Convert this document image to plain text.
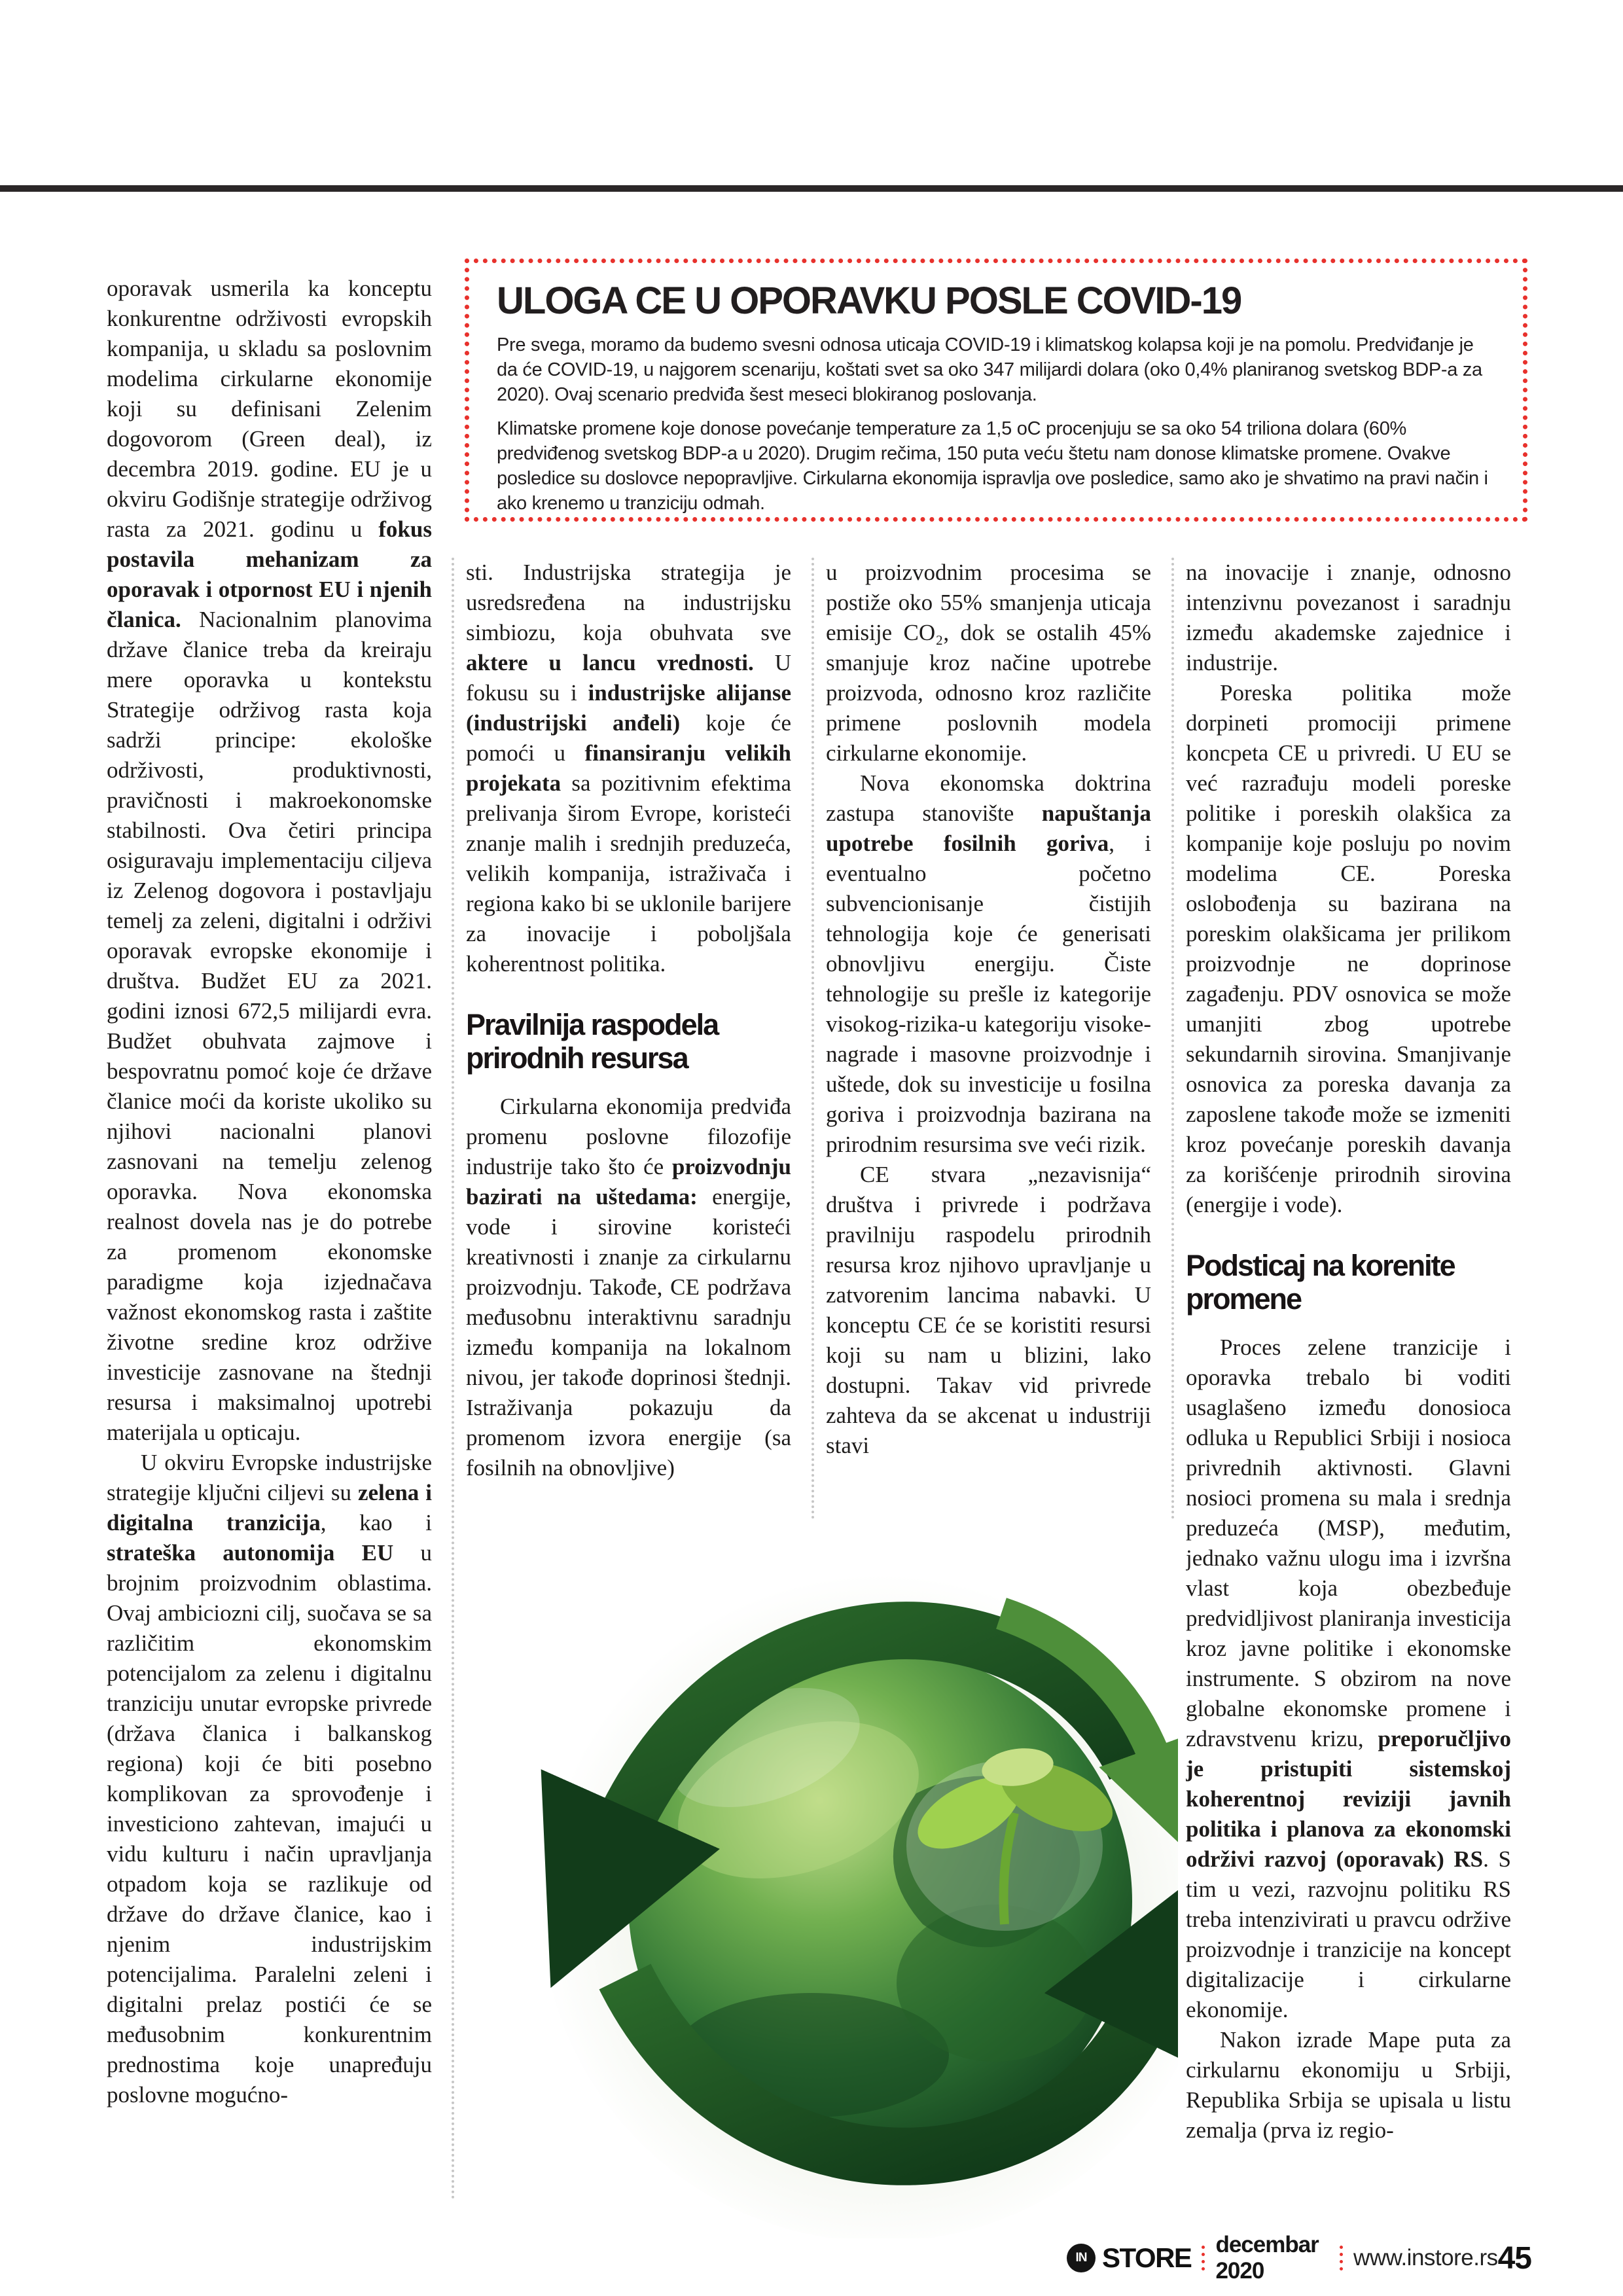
ULOGA CE U OPORAVKU POSLE COVID-19

Pre svega, moramo da budemo svesni odnosa uticaja COVID-19 i klimatskog kolapsa koji je na pomolu. Predviđanje je da će COVID-19, u najgorem scenariju, koštati svet sa oko 347 milijardi dolara (oko 0,4% planiranog svetskog BDP-a za 2020). Ovaj scenario predviđa šest meseci blokiranog poslovanja.

Klimatske promene koje donose povećanje temperature za 1,5 oC procenjuju se sa oko 54 triliona dolara (60% predviđenog svetskog BDP-a u 2020). Drugim rečima, 150 puta veću štetu nam donose klimatske promene. Ovakve posledice su doslovce nepopravljive. Cirkularna ekonomija ispravlja ove posledice, samo ako je shvatimo na pravi način i ako krenemo u tranziciju odmah.

oporavak usmerila ka konceptu konkurentne održivosti evropskih kompanija, u skladu sa poslovnim modelima cirkularne ekonomije koji su definisani Zelenim dogovorom (Green deal), iz decembra 2019. godine. EU je u okviru Godišnje strategije održivog rasta za 2021. godinu u fokus postavila mehanizam za oporavak i otpornost EU i njenih članica. Nacionalnim planovima države članice treba da kreiraju mere oporavka u kontekstu Strategije održivog rasta koja sadrži principe: ekološke održivosti, produktivnosti, pravičnosti i makroekonomske stabilnosti. Ova četiri principa osiguravaju implementaciju ciljeva iz Zelenog dogovora i postavljaju temelj za zeleni, digitalni i održivi oporavak evropske ekonomije i društva. Budžet EU za 2021. godini iznosi 672,5 milijardi evra. Budžet obuhvata zajmove i bespovratnu pomoć koje će države članice moći da koriste ukoliko su njihovi nacionalni planovi zasnovani na temelju zelenog oporavka. Nova ekonomska realnost dovela nas je do potrebe za promenom ekonomske paradigme koja izjednačava važnost ekonomskog rasta i zaštite životne sredine kroz održive investicije zasnovane na štednji resursa i maksimalnoj upotrebi materijala u opticaju.

U okviru Evropske industrijske strategije ključni ciljevi su zelena i digitalna tranzicija, kao i strateška autonomija EU u brojnim proizvodnim oblastima. Ovaj ambiciozni cilj, suočava se sa različitim ekonomskim potencijalom za zelenu i digitalnu tranziciju unutar evropske privrede (država članica i balkanskog regiona) koji će biti posebno komplikovan za sprovođenje i investiciono zahtevan, imajući u vidu kulturu i način upravljanja otpadom koja se razlikuje od države do države članice, kao i njenim industrijskim potencijalima. Paralelni zeleni i digitalni prelaz postići će se međusobnim konkurentnim prednostima koje unapređuju poslovne mogućno-

sti. Industrijska strategija je usredsređena na industrijsku simbiozu, koja obuhvata sve aktere u lancu vrednosti. U fokusu su i industrijske alijanse (industrijski anđeli) koje će pomoći u finansiranju velikih projekata sa pozitivnim efektima prelivanja širom Evrope, koristeći znanje malih i srednjih preduzeća, velikih kompanija, istraživača i regiona kako bi se uklonile barijere za inovacije i poboljšala koherentnost politika.

Pravilnija raspodela prirodnih resursa

Cirkularna ekonomija predviđa promenu poslovne filozofije industrije tako što će proizvodnju bazirati na uštedama: energije, vode i sirovine koristeći kreativnosti i znanje za cirkularnu proizvodnju. Takođe, CE podržava međusobnu interaktivnu saradnju između kompanija na lokalnom nivou, jer takođe doprinosi štednji. Istraživanja pokazuju da promenom izvora energije (sa fosilnih na obnovljive)

u proizvodnim procesima se postiže oko 55% smanjenja uticaja emisije CO₂, dok se ostalih 45% smanjuje kroz načine upotrebe proizvoda, odnosno kroz različite primene poslovnih modela cirkularne ekonomije.

Nova ekonomska doktrina zastupa stanovište napuštanja upotrebe fosilnih goriva, i eventualno početno subvencionisanje čistijih tehnologija koje će generisati obnovljivu energiju. Čiste tehnologije su prešle iz kategorije visokog-rizika-u kategoriju visoke-nagrade i masovne proizvodnje i uštede, dok su investicije u fosilna goriva i proizvodnja bazirana na prirodnim resursima sve veći rizik.

CE stvara „nezavisnija“ društva i privrede i podržava pravilniju raspodelu prirodnih resursa kroz njihovo upravljanje u zatvorenim lancima nabavki. U konceptu CE će se koristiti resursi koji su nam u blizini, lako dostupni. Takav vid privrede zahteva da se akcenat u industriji stavi

na inovacije i znanje, odnosno intenzivnu povezanost i saradnju između akademske zajednice i industrije.

Poreska politika može dorpineti promociji primene koncpeta CE u privredi. U EU se već razrađuju modeli poreske politike i poreskih olakšica za kompanije koje posluju po novim modelima CE. Poreska oslobođenja su bazirana na poreskim olakšicama jer prilikom proizvodnje ne doprinose zagađenju. PDV osnovica se može umanjiti zbog upotrebe sekundarnih sirovina. Smanjivanje osnovica za poreska davanja za zaposlene takođe može se izmeniti kroz povećanje poreskih davanja za korišćenje prirodnih sirovina (energije i vode).

Podsticaj na korenite promene

Proces zelene tranzicije i oporavka trebalo bi voditi usaglašeno između donosioca odluka u Republici Srbiji i nosioca privrednih aktivnosti. Glavni nosioci promena su mala i srednja preduzeća (MSP), međutim, jednako važnu ulogu ima i izvršna vlast koja obezbeđuje predvidljivost planiranja investicija kroz javne politike i ekonomske instrumente. S obzirom na nove globalne ekonomske promene i zdravstvenu krizu, preporučljivo je pristupiti sistemskoj koherentnoj reviziji javnih politika i planova za ekonomski održivi razvoj (oporavak) RS. S tim u vezi, razvojnu politiku RS treba intenzivirati u pravcu održive proizvodnje i tranzicije na koncept digitalizacije i cirkularne ekonomije.

Nakon izrade Mape puta za cirkularnu ekonomiju u Srbiji, Republika Srbija se upisala u listu zemalja (prva iz regio-

IN STORE decembar 2020
www.instore.rs 45
